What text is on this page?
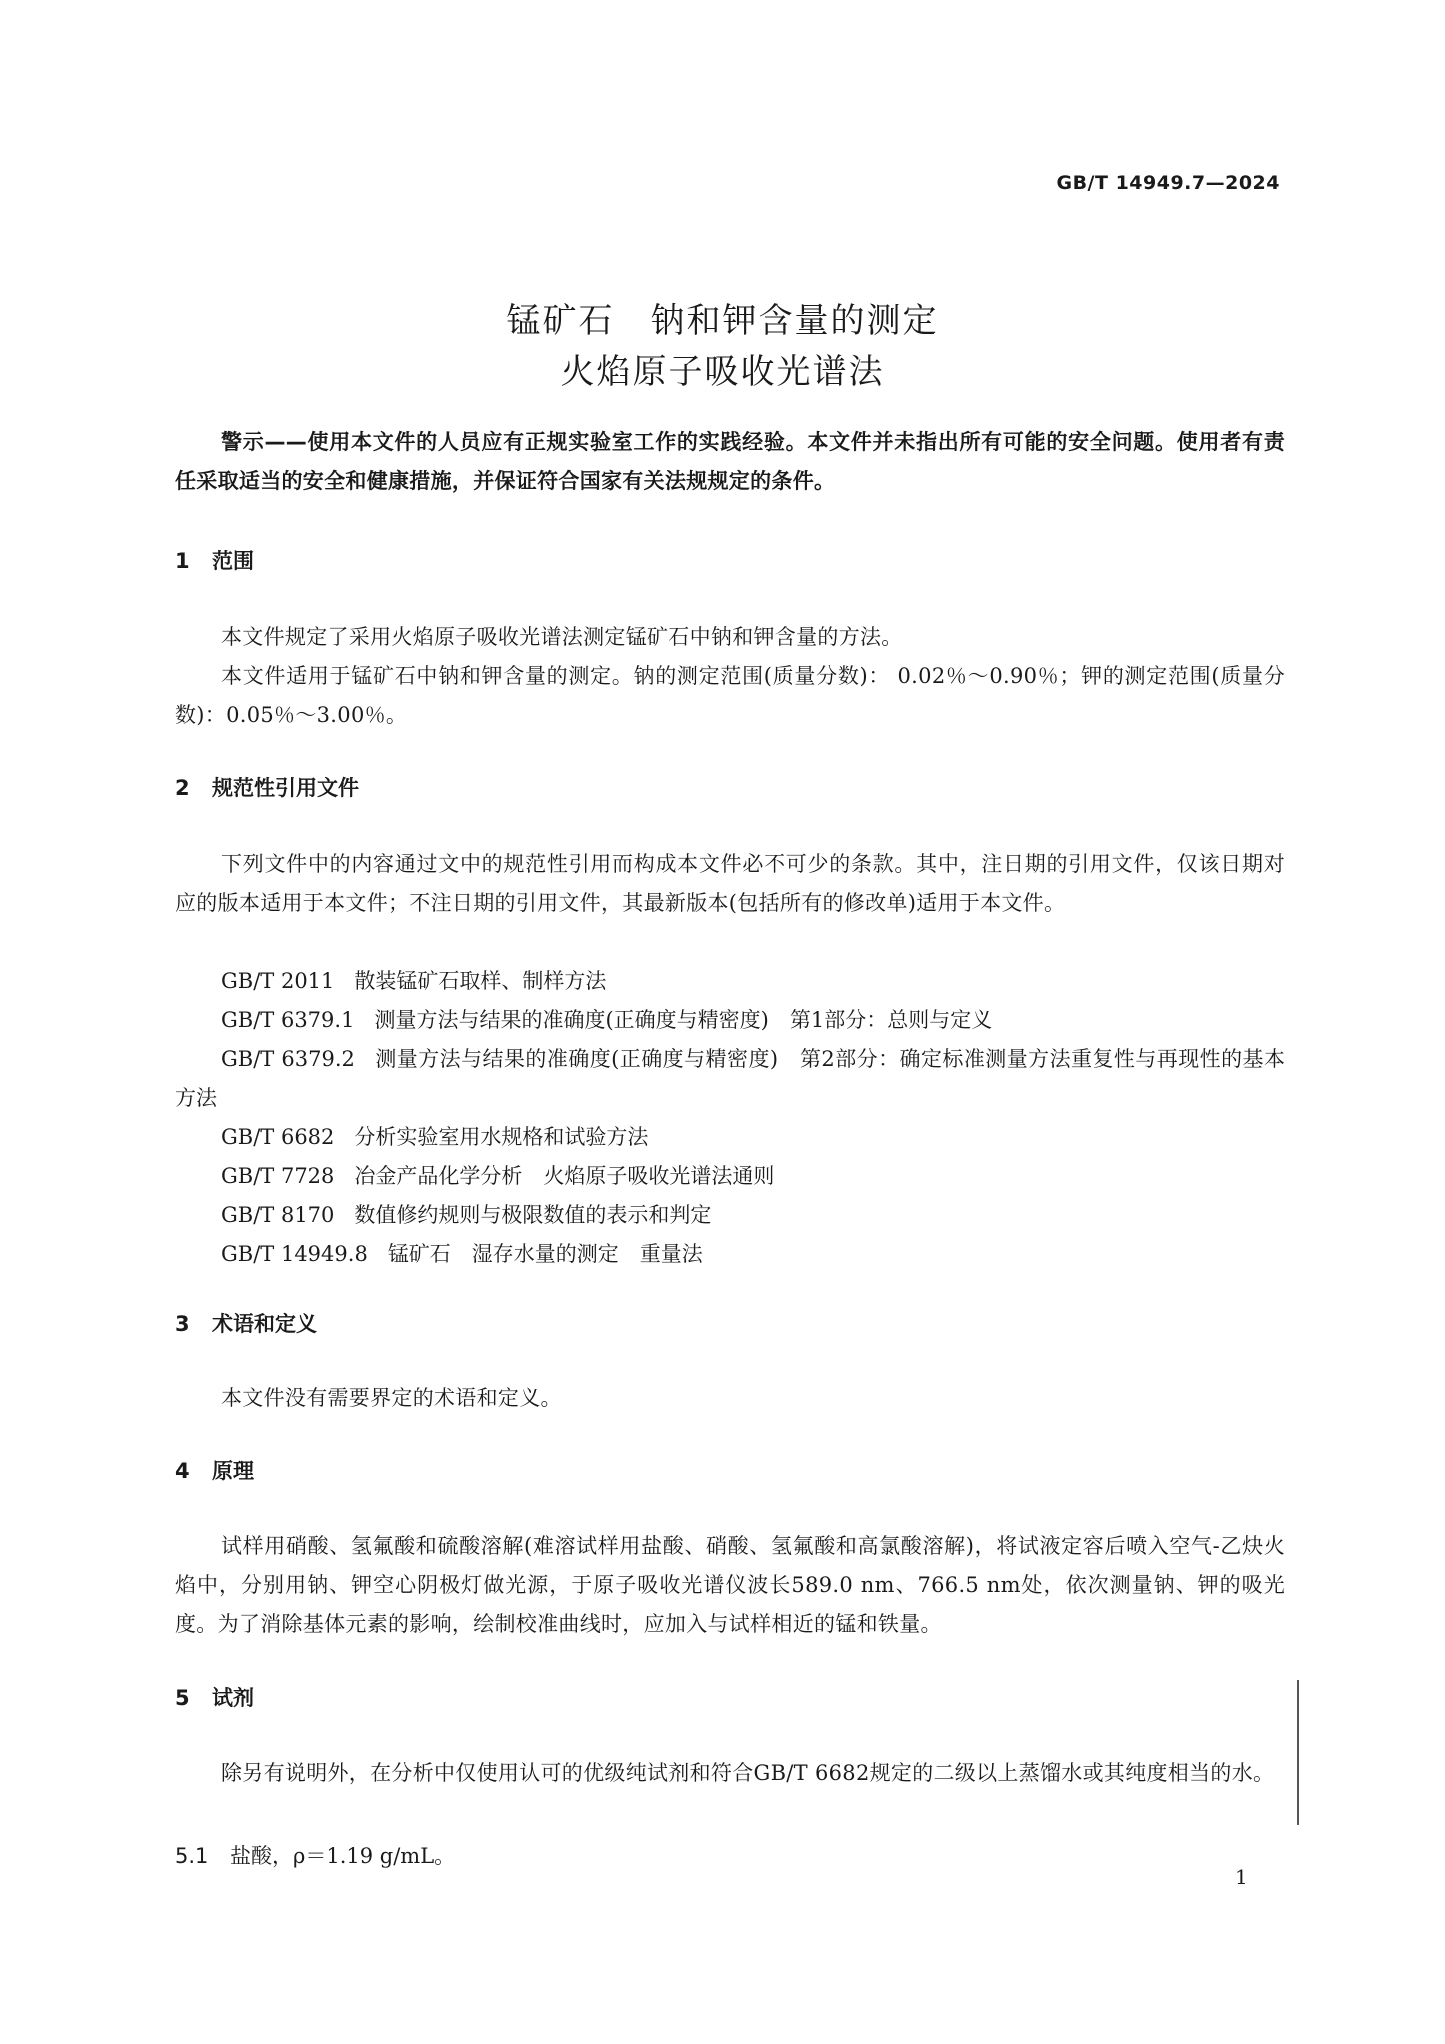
GB/T 14949.7—2024
锰矿石　钠和钾含量的测定
火焰原子吸收光谱法
警示——使用本文件的人员应有正规实验室工作的实践经验。本文件并未指出所有可能的安全问题。使用者有责任采取适当的安全和健康措施，并保证符合国家有关法规规定的条件。
1 范围
本文件规定了采用火焰原子吸收光谱法测定锰矿石中钠和钾含量的方法。
本文件适用于锰矿石中钠和钾含量的测定。钠的测定范围(质量分数)： 0.02％～0.90％；钾的测定范围(质量分数)：0.05％～3.00％。
2 规范性引用文件
下列文件中的内容通过文中的规范性引用而构成本文件必不可少的条款。其中，注日期的引用文件，仅该日期对应的版本适用于本文件；不注日期的引用文件，其最新版本(包括所有的修改单)适用于本文件。
GB/T 2011 散装锰矿石取样、制样方法
GB/T 6379.1 测量方法与结果的准确度(正确度与精密度)　第1部分：总则与定义
GB/T 6379.2 测量方法与结果的准确度(正确度与精密度)　第2部分：确定标准测量方法重复性与再现性的基本方法
GB/T 6682 分析实验室用水规格和试验方法
GB/T 7728 冶金产品化学分析　火焰原子吸收光谱法通则
GB/T 8170 数值修约规则与极限数值的表示和判定
GB/T 14949.8 锰矿石　湿存水量的测定　重量法
3 术语和定义
本文件没有需要界定的术语和定义。
4 原理
试样用硝酸、氢氟酸和硫酸溶解(难溶试样用盐酸、硝酸、氢氟酸和高氯酸溶解)，将试液定容后喷入空气-乙炔火焰中，分别用钠、钾空心阴极灯做光源，于原子吸收光谱仪波长589.0 nm、766.5 nm处，依次测量钠、钾的吸光度。为了消除基体元素的影响，绘制校准曲线时，应加入与试样相近的锰和铁量。
5 试剂
除另有说明外，在分析中仅使用认可的优级纯试剂和符合GB/T 6682规定的二级以上蒸馏水或其纯度相当的水。
5.1 盐酸，ρ＝1.19 g/mL。
1
